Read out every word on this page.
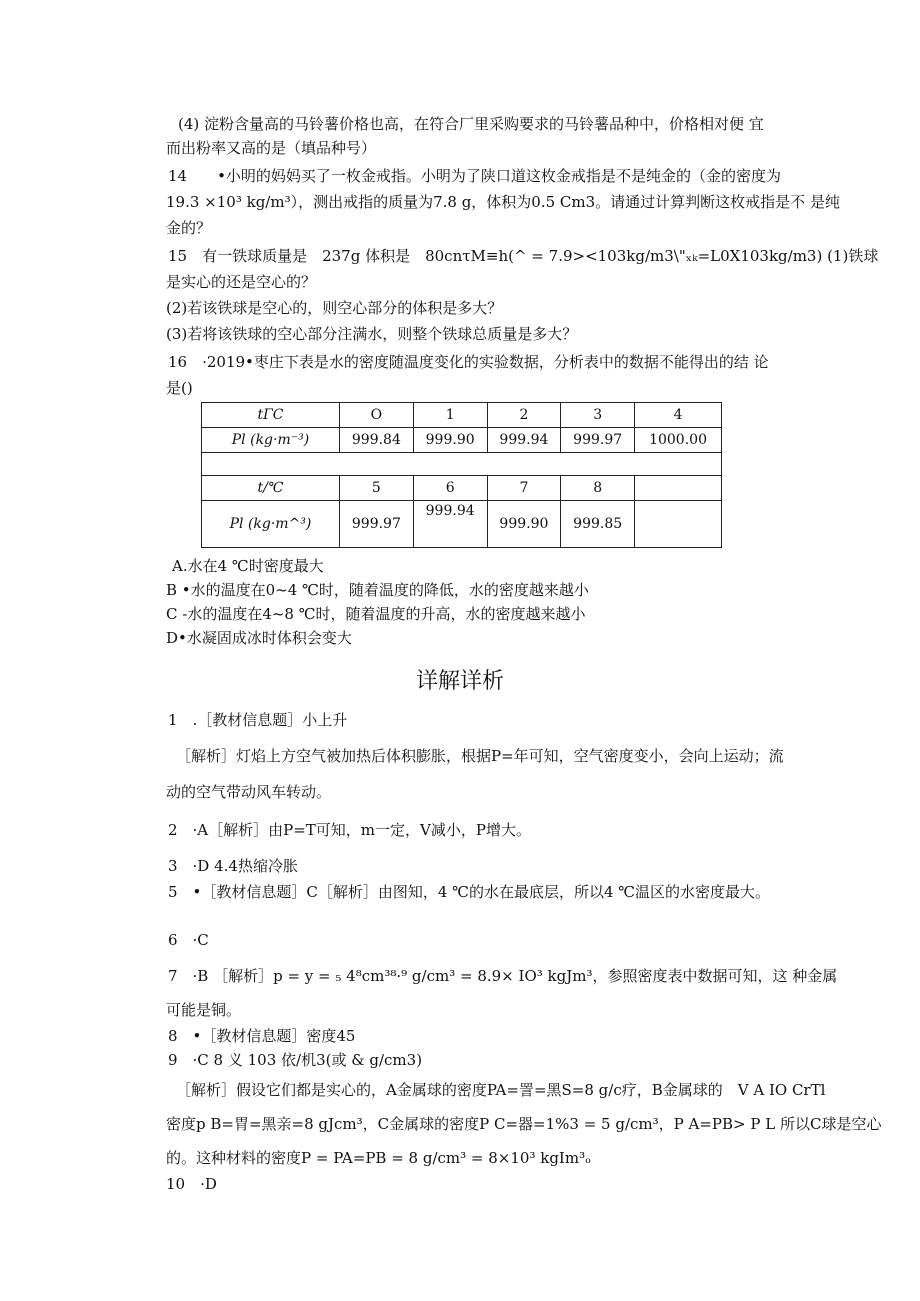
(4) 淀粉含量高的马铃薯价格也高，在符合厂里采购要求的马铃薯品种中，价格相对便 宜
而出粉率又高的是（填品种号）
14　　•小明的妈妈买了一枚金戒指。小明为了陕口道这枚金戒指是不是纯金的（金的密度为
19.3 ×10³ kg/m³），测出戒指的质量为7.8 g，体积为0.5 Cm3。请通过计算判断这枚戒指是不 是纯
金的？
15　有一铁球质量是　237g 体积是　80cnτM≡h(^ = 7.9><103kg∕m3\"ₓₖ=L0X103kg∕m3) (1)铁球
是实心的还是空心的？
(2)若该铁球是空心的，则空心部分的体积是多大？
(3)若将该铁球的空心部分注满水，则整个铁球总质量是多大？
16　·2019•枣庄下表是水的密度随温度变化的实验数据，分析表中的数据不能得出的结 论
是()
tΓC	O	1	2	3	4
Pl (kg·m⁻³)	999.84	999.90	999.94	999.97	1000.00

t/℃	5	6	7	8	
Pl (kg·m^³)	999.97	999.94	999.90	999.85	
A.水在4 ℃时密度最大
B •水的温度在0~4 ℃时，随着温度的降低，水的密度越来越小
C -水的温度在4~8 ℃时，随着温度的升高，水的密度越来越小
D•水凝固成冰时体积会变大
详解详析
1　.［教材信息题］小上升
［解析］灯焰上方空气被加热后体积膨胀，根据P=年可知，空气密度变小，会向上运动；流
动的空气带动风车转动。
2　·A［解析］由P=T可知，m一定，V减小，P增大。
3　·D 4.4热缩冷胀
5　•［教材信息题］C［解析］由图知，4 ℃的水在最底层，所以4 ℃温区的水密度最大。
6　·C
7　·B ［解析］p = y = ₅ 4⁸cm³⁸·⁹ g/cm³ = 8.9× IO³ kgJm³，参照密度表中数据可知，这 种金属
可能是铜。
8　•［教材信息题］密度45
9　·C 8 义 103 依/机3(或 & g∕cm3)
［解析］假设它们都是实心的，A金属球的密度PA=詈=黑S=8 g/c疗，B金属球的　V A IO CrTl
密度p B=胃=黑亲=8 gJcm³，C金属球的密度P C=器=1%3 = 5 g/cm³，P A=PB> P L 所以C球是空心
的。这种材料的密度P = PA=PB = 8 g/cm³ = 8×10³ kgIm³ₒ
10　·D
